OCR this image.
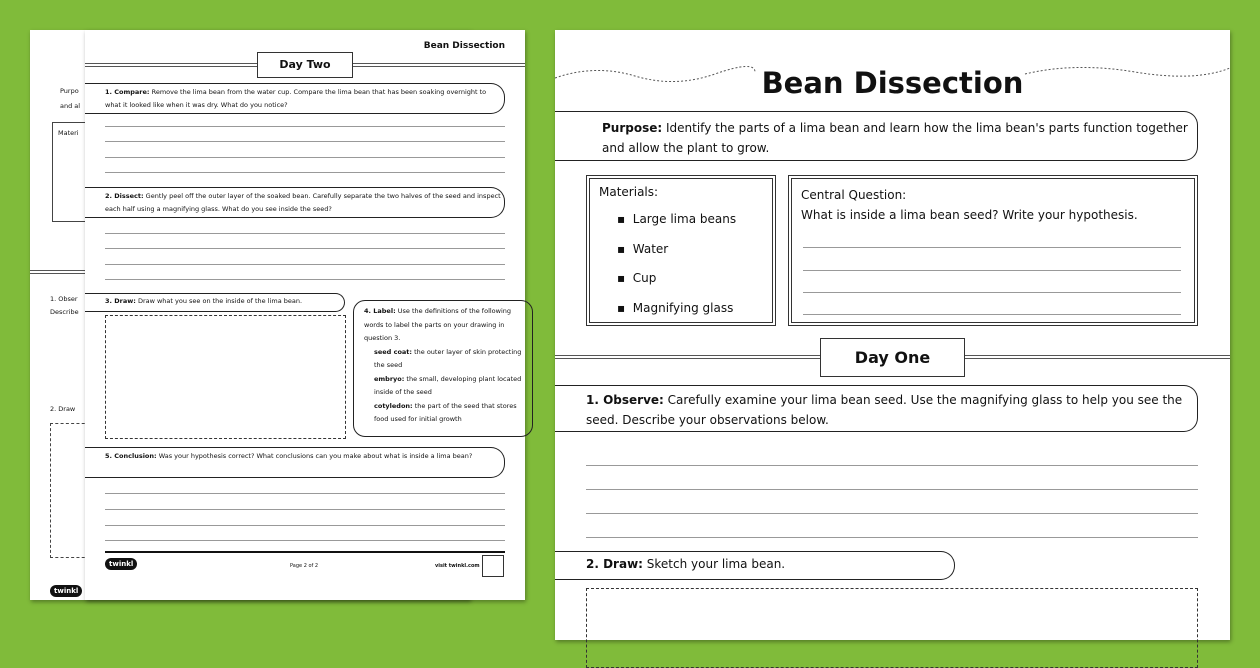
Purpo
and al
Materi
1. Obser
Describe
2. Draw
twinkl
Bean Dissection
Day Two
1. Compare: Remove the lima bean from the water cup. Compare the lima bean that has been soaking overnight to what it looked like when it was dry. What do you notice?
2. Dissect: Gently peel off the outer layer of the soaked bean. Carefully separate the two halves of the seed and inspect each half using a magnifying glass. What do you see inside the seed?
3. Draw: Draw what you see on the inside of the lima bean.
4. Label: Use the definitions of the following words to label the parts on your drawing in question 3.
seed coat: the outer layer of skin protecting the seed
embryo: the small, developing plant located inside of the seed
cotyledon: the part of the seed that stores food used for initial growth
5. Conclusion: Was your hypothesis correct? What conclusions can you make about what is inside a lima bean?
twinkl	Page 2 of 2	visit twinkl.com
Bean Dissection
Purpose: Identify the parts of a lima bean and learn how the lima bean's parts function together and allow the plant to grow.
Materials:
▪  Large lima beans
▪  Water
▪  Cup
▪  Magnifying glass
Central Question:
What is inside a lima bean seed? Write your hypothesis.
Day One
1. Observe: Carefully examine your lima bean seed. Use the magnifying glass to help you see the seed. Describe your observations below.
2. Draw: Sketch your lima bean.
